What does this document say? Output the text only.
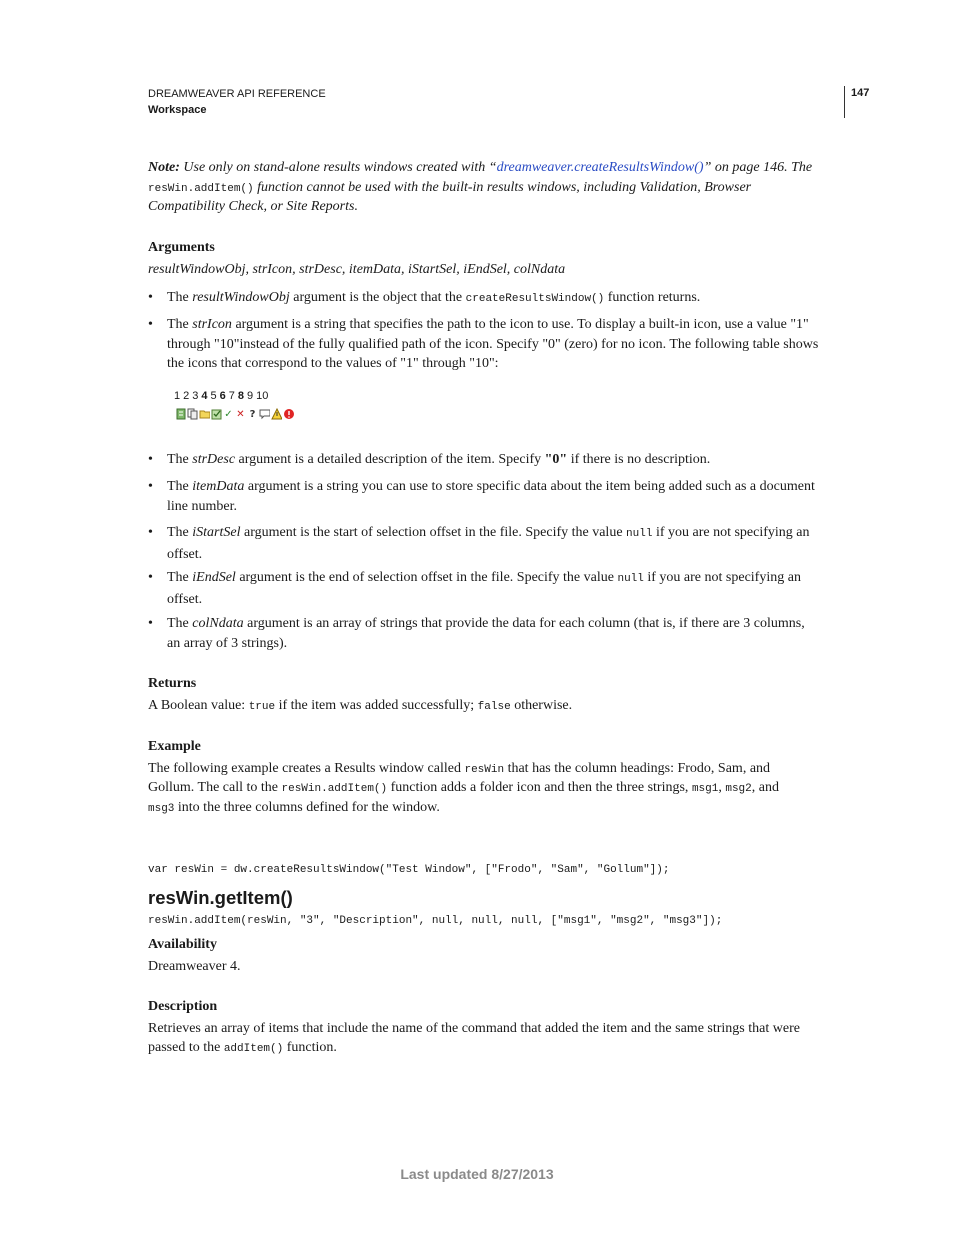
DREAMWEAVER API REFERENCE
Workspace
147
Note: Use only on stand-alone results windows created with “dreamweaver.createResultsWindow()” on page 146. The
resWin.addItem() function cannot be used with the built-in results windows, including Validation, Browser
Compatibility Check, or Site Reports.
Arguments
resultWindowObj, strIcon, strDesc, itemData, iStartSel, iEndSel, colNdata
• The resultWindowObj argument is the object that the createResultsWindow() function returns.
• The strIcon argument is a string that specifies the path to the icon to use. To display a built-in icon, use a value "1"
through "10"instead of the fully qualified path of the icon. Specify "0" (zero) for no icon. The following table shows
the icons that correspond to the values of "1" through "10":
1 2 3 4 5 6 7 8 9 10
✓ ✕ ?
• The strDesc argument is a detailed description of the item. Specify "0" if there is no description.
• The itemData argument is a string you can use to store specific data about the item being added such as a document
line number.
• The iStartSel argument is the start of selection offset in the file. Specify the value null if you are not specifying an
offset.
• The iEndSel argument is the end of selection offset in the file. Specify the value null if you are not specifying an
offset.
• The colNdata argument is an array of strings that provide the data for each column (that is, if there are 3 columns,
an array of 3 strings).
Returns
A Boolean value: true if the item was added successfully; false otherwise.
Example
The following example creates a Results window called resWin that has the column headings: Frodo, Sam, and
Gollum. The call to the resWin.addItem() function adds a folder icon and then the three strings, msg1, msg2, and
msg3 into the three columns defined for the window.

var resWin = dw.createResultsWindow("Test Window", ["Frodo", "Sam", "Gollum"]);

resWin.addItem(resWin, "3", "Description", null, null, null, ["msg1", "msg2", "msg3"]);

resWin.getItem()
Availability
Dreamweaver 4.
Description
Retrieves an array of items that include the name of the command that added the item and the same strings that were
passed to the addItem() function.
Last updated 8/27/2013
